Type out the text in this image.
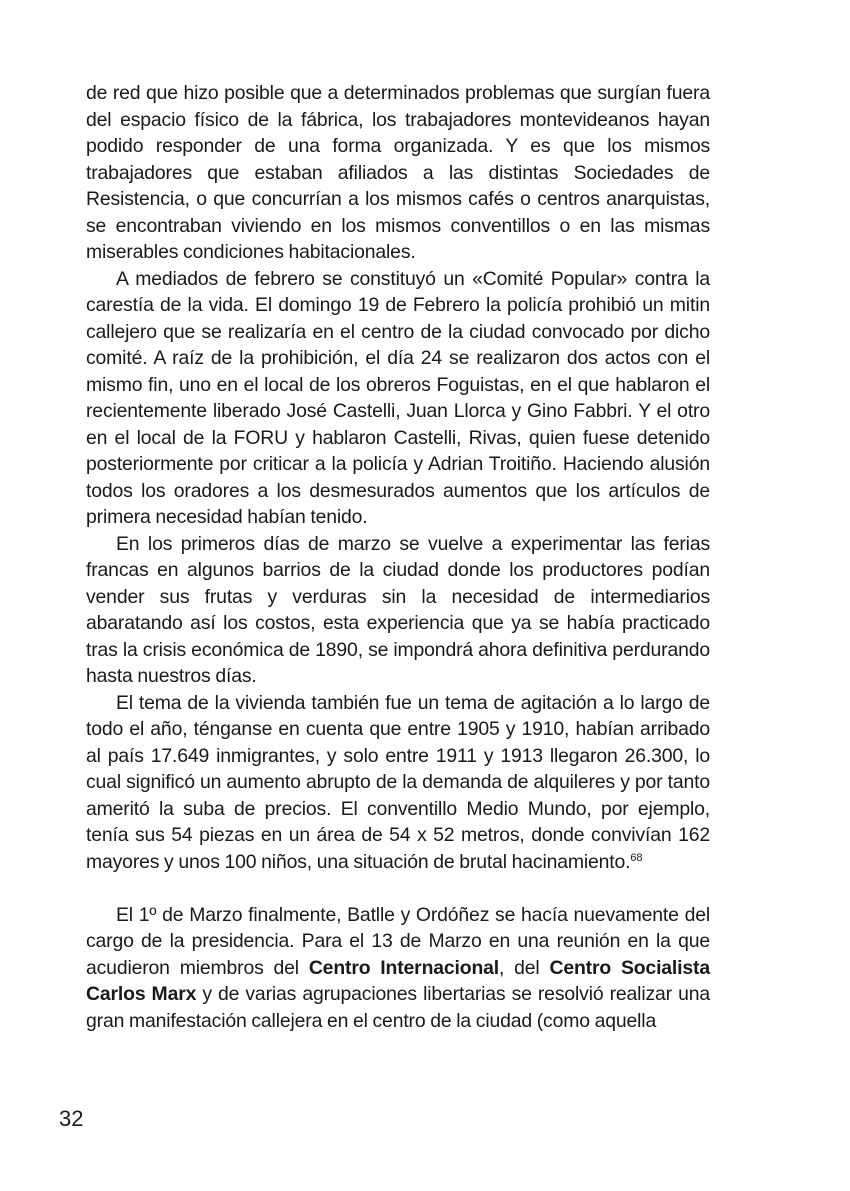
de red que hizo posible que a determinados problemas que surgían fuera del espacio físico de la fábrica, los trabajadores montevideanos hayan podido responder de una forma organizada. Y es que los mismos trabajadores que estaban afiliados a las distintas Sociedades de Resistencia, o que concurrían a los mismos cafés o centros anarquistas, se encontraban viviendo en los mismos conventillos o en las mismas miserables condiciones habitacionales.

A mediados de febrero se constituyó un «Comité Popular» contra la carestía de la vida. El domingo 19 de Febrero la policía prohibió un mitin callejero que se realizaría en el centro de la ciudad convocado por dicho comité. A raíz de la prohibición, el día 24 se realizaron dos actos con el mismo fin, uno en el local de los obreros Foguistas, en el que hablaron el recientemente liberado José Castelli, Juan Llorca y Gino Fabbri. Y el otro en el local de la FORU y hablaron Castelli, Rivas, quien fuese detenido posteriormente por criticar a la policía y Adrian Troitiño. Haciendo alusión todos los oradores a los desmesurados aumentos que los artículos de primera necesidad habían tenido.

En los primeros días de marzo se vuelve a experimentar las ferias francas en algunos barrios de la ciudad donde los productores podían vender sus frutas y verduras sin la necesidad de intermediarios abaratando así los costos, esta experiencia que ya se había practicado tras la crisis económica de 1890, se impondrá ahora definitiva perdurando hasta nuestros días.

El tema de la vivienda también fue un tema de agitación a lo largo de todo el año, ténganse en cuenta que entre 1905 y 1910, habían arribado al país 17.649 inmigrantes, y solo entre 1911 y 1913 llegaron 26.300, lo cual significó un aumento abrupto de la demanda de alquileres y por tanto ameritó la suba de precios. El conventillo Medio Mundo, por ejemplo, tenía sus 54 piezas en un área de 54 x 52 metros, donde convivían 162 mayores y unos 100 niños, una situación de brutal hacinamiento.$^{68}$

El 1º de Marzo finalmente, Batlle y Ordóñez se hacía nuevamente del cargo de la presidencia. Para el 13 de Marzo en una reunión en la que acudieron miembros del Centro Internacional, del Centro Socialista Carlos Marx y de varias agrupaciones libertarias se resolvió realizar una gran manifestación callejera en el centro de la ciudad (como aquella

32
